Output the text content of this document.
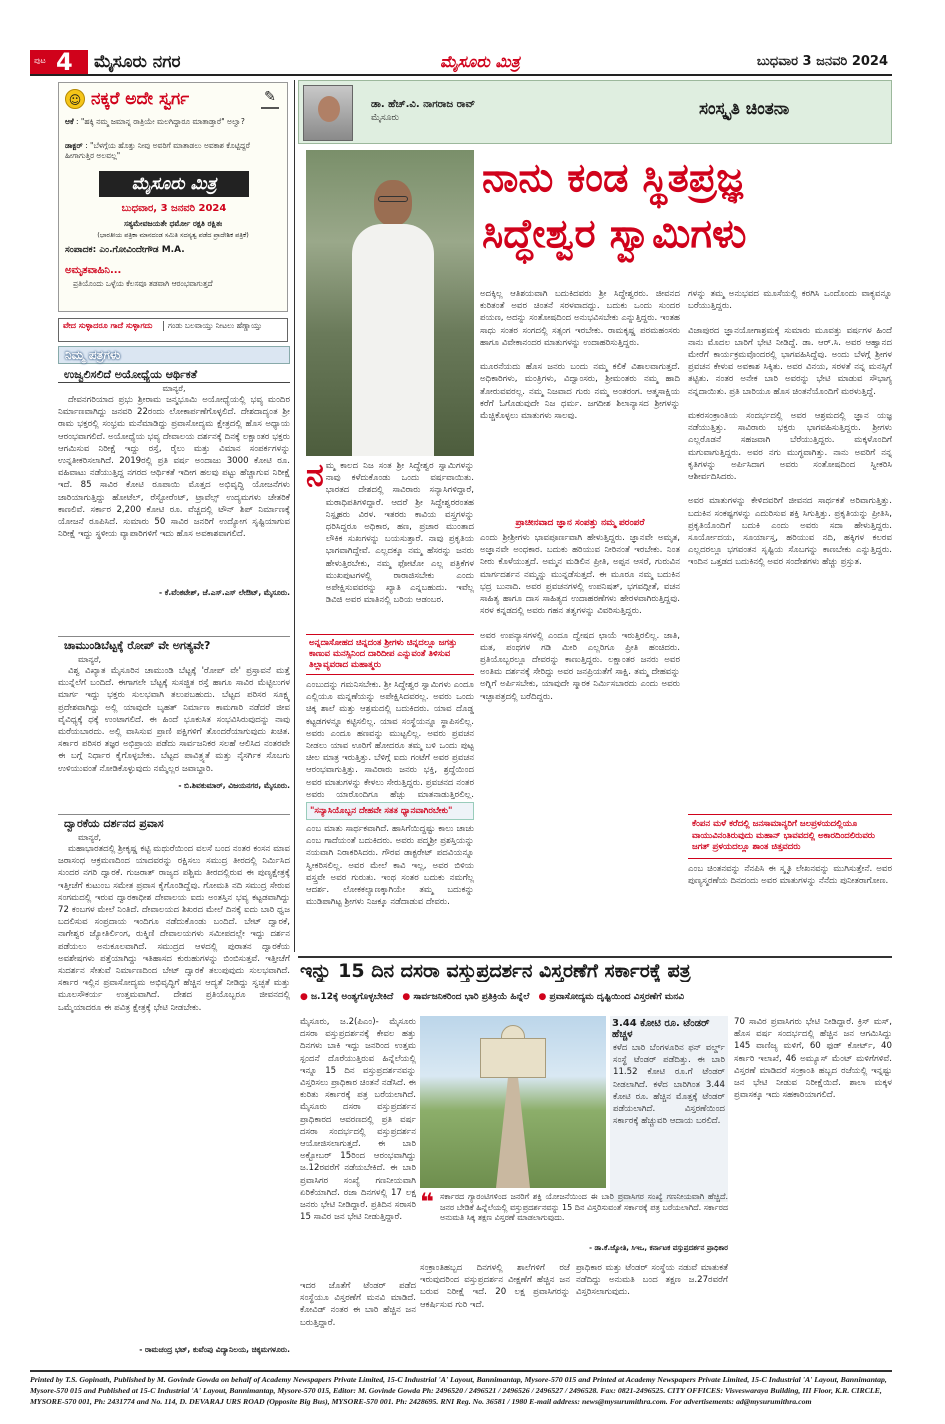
ಪುಟ 4 ಮೈಸೂರು ನಗರ	ಮೈಸೂರು ಮಿತ್ರ	ಬುಧವಾರ 3 ಜನವರಿ 2024
☺ ನಕ್ಕರೆ ಅದೇ ಸ್ವರ್ಗ	✎
ಆಕೆ : "ಹಕ್ಕಿ ನಮ್ಮ ಜಮಾನ್ನ ರಾತ್ರಿಯೇ ಮಲಗಿದ್ದಾರೂ ಮಾತಾಡ್ತಾರೆ" ಅಲ್ವಾ?
ಡಾಕ್ಟರ್ : "ಬೆಳಗ್ಗೆಯ ಹೊತ್ತು ನೀವು ಅವರಿಗೆ ಮಾತಾಡಲು ಅವಕಾಶ ಕೊಟ್ಟಿದ್ದರೆ ಹೀಗಾಗುತ್ತಿರ ಅಲವಲ್ಲ"
ಮೈಸೂರು ಮಿತ್ರ
ಬುಧವಾರ, 3 ಜನವರಿ 2024
ಸತ್ಯಮೇವಜಯತೇ ಧರ್ಮೋ ರಕ್ಷತಿ ರಕ್ಷಿತಃ
(ಭಾರತೀಯ ಪತ್ರಿಕಾ ಮಾನದಂಡ ಸಮಿತಿ ಸದಸ್ಯತ್ವ ಪಡೆದ ಪ್ರಾದೇಶಿಕ ಪತ್ರಿಕೆ)
ಸಂಪಾದಕ: ಎಂ.ಗೋವಿಂದೇಗೌಡ M.A.
ಅಮೃತವಾಹಿನಿ...
ಪ್ರತಿಯೊಂದು ಒಳ್ಳೆಯ ಕೆಲಸವೂ ತಡವಾಗಿ ಆರಂಭವಾಗುತ್ತದೆ
ವೇದ ಸುಳ್ಳಾದರೂ ಗಾದೆ ಸುಳ್ಳಾಗದು	ಗಂಡು ಬಲವಾಯ್ತು ನೀಟಲು ಹೆಣ್ಣಾಯ್ತು
ನಿಮ್ಮ ಪತ್ರಗಳು
ಉಜ್ವಲಿಸಲಿದೆ ಅಯೋಧ್ಯೆಯ ಆರ್ಥಿಕತೆ
ಮಾನ್ಯರೆ,
ದೇವನಗರಿಯಾದ ಪ್ರಭು ಶ್ರೀರಾಮ ಜನ್ಮಭೂಮಿ ಅಯೋಧ್ಯೆಯಲ್ಲಿ ಭವ್ಯ ಮಂದಿರ ನಿರ್ಮಾಣವಾಗಿದ್ದು ಜನವರಿ 22ರಂದು ಲೋಕಾರ್ಪಣೆಗೊಳ್ಳಲಿದೆ. ದೇಶದಾದ್ಯಂತ ಶ್ರೀ ರಾಮ ಭಕ್ತರಲ್ಲಿ ಸಂಭ್ರಮ ಮನೆಮಾಡಿದ್ದು ಪ್ರವಾಸೋದ್ಯಮ ಕ್ಷೇತ್ರದಲ್ಲಿ ಹೊಸ ಅಧ್ಯಾಯ ಆರಂಭವಾಗಲಿದೆ. ಅಯೋಧ್ಯೆಯ ಭವ್ಯ ದೇವಾಲಯ ದರ್ಶನಕ್ಕೆ ದಿನಕ್ಕೆ ಲಕ್ಷಾಂತರ ಭಕ್ತರು ಆಗಮಿಸುವ ನಿರೀಕ್ಷೆ ಇದ್ದು ರಸ್ತೆ, ರೈಲು ಮತ್ತು ವಿಮಾನ ಸಂಪರ್ಕಗಳನ್ನು ಉನ್ನತೀಕರಿಸಲಾಗಿದೆ. 2019ರಲ್ಲಿ ಪ್ರತಿ ವರ್ಷ ಅಂದಾಜು 3000 ಕೋಟಿ ರೂ. ವಹಿವಾಟು ನಡೆಯುತ್ತಿದ್ದ ನಗರದ ಆರ್ಥಿಕತೆ ಇದೀಗ ಹಲವು ಪಟ್ಟು ಹೆಚ್ಚಾಗುವ ನಿರೀಕ್ಷೆ ಇದೆ. 85 ಸಾವಿರ ಕೋಟಿ ರೂಪಾಯಿ ಮೊತ್ತದ ಅಭಿವೃದ್ಧಿ ಯೋಜನೆಗಳು ಜಾರಿಯಾಗುತ್ತಿದ್ದು ಹೋಟೆಲ್, ರೆಸ್ಟೋರೆಂಟ್, ಟ್ರಾವೆಲ್ಸ್ ಉದ್ಯಮಗಳು ಚೇತರಿಕೆ ಕಾಣಲಿವೆ. ಸರ್ಕಾರ 2,200 ಕೋಟಿ ರೂ. ವೆಚ್ಚದಲ್ಲಿ ಟೌನ್ ಶಿಪ್ ನಿರ್ಮಾಣಕ್ಕೆ ಯೋಜನೆ ರೂಪಿಸಿದೆ. ಸುಮಾರು 50 ಸಾವಿರ ಜನರಿಗೆ ಉದ್ಯೋಗ ಸೃಷ್ಟಿಯಾಗುವ ನಿರೀಕ್ಷೆ ಇದ್ದು ಸ್ಥಳೀಯ ವ್ಯಾಪಾರಿಗಳಿಗೆ ಇದು ಹೊಸ ಅವಕಾಶವಾಗಲಿದೆ.
- ಕೆ.ವೆಂಕಟೇಶ್, ಜೆ.ಎಸ್.ಎಸ್ ಲೇಔಟ್, ಮೈಸೂರು.
ಚಾಮುಂಡಿಬೆಟ್ಟಕ್ಕೆ ರೋಪ್ ವೇ ಅಗತ್ಯವೇ?
ಮಾನ್ಯರೆ,
ವಿಶ್ವ ವಿಖ್ಯಾತ ಮೈಸೂರಿನ ಚಾಮುಂಡಿ ಬೆಟ್ಟಕ್ಕೆ 'ರೋಪ್ ವೇ' ಪ್ರಸ್ತಾವನೆ ಮತ್ತೆ ಮುನ್ನೆಲೆಗೆ ಬಂದಿದೆ. ಈಗಾಗಲೇ ಬೆಟ್ಟಕ್ಕೆ ಸುಸಜ್ಜಿತ ರಸ್ತೆ ಹಾಗೂ ಸಾವಿರ ಮೆಟ್ಟಿಲುಗಳ ಮಾರ್ಗ ಇದ್ದು ಭಕ್ತರು ಸುಲಭವಾಗಿ ತಲುಪಬಹುದು. ಬೆಟ್ಟದ ಪರಿಸರ ಸೂಕ್ಷ್ಮ ಪ್ರದೇಶವಾಗಿದ್ದು ಅಲ್ಲಿ ಯಾವುದೇ ಬೃಹತ್ ನಿರ್ಮಾಣ ಕಾಮಗಾರಿ ನಡೆದರೆ ಜೀವ ವೈವಿಧ್ಯಕ್ಕೆ ಧಕ್ಕೆ ಉಂಟಾಗಲಿದೆ. ಈ ಹಿಂದೆ ಭೂಕುಸಿತ ಸಂಭವಿಸಿರುವುದನ್ನು ನಾವು ಮರೆಯಬಾರದು. ಅಲ್ಲಿ ವಾಸಿಸುವ ಪ್ರಾಣಿ ಪಕ್ಷಿಗಳಿಗೆ ತೊಂದರೆಯಾಗುವುದು ಖಚಿತ. ಸರ್ಕಾರ ಪರಿಸರ ತಜ್ಞರ ಅಭಿಪ್ರಾಯ ಪಡೆದು ಸಾರ್ವಜನಿಕರ ಸಲಹೆ ಆಲಿಸಿದ ನಂತರವೇ ಈ ಬಗ್ಗೆ ನಿರ್ಧಾರ ಕೈಗೊಳ್ಳಬೇಕು. ಬೆಟ್ಟದ ಪಾವಿತ್ರ್ಯತೆ ಮತ್ತು ನೈಸರ್ಗಿಕ ಸೊಬಗು ಉಳಿಯುವಂತೆ ನೋಡಿಕೊಳ್ಳುವುದು ನಮ್ಮೆಲ್ಲರ ಜವಾಬ್ದಾರಿ.
- ಬಿ.ಶಿವಕುಮಾರ್, ವಿಜಯನಗರ, ಮೈಸೂರು.
ದ್ವಾರಕೆಯ ದರ್ಶನದ ಪ್ರವಾಸ
ಮಾನ್ಯರೆ,
ಮಹಾಭಾರತದಲ್ಲಿ ಶ್ರೀಕೃಷ್ಣ ಕಟ್ಟಿ ಮಥುರೆಯಿಂದ ವಲಸೆ ಬಂದ ನಂತರ ಕಂಸನ ಮಾವ ಜರಾಸಂಧ ಆಕ್ರಮಣದಿಂದ ಯಾದವರನ್ನು ರಕ್ಷಿಸಲು ಸಮುದ್ರ ತೀರದಲ್ಲಿ ನಿರ್ಮಿಸಿದ ಸುಂದರ ನಗರಿ ದ್ವಾರಕೆ. ಗುಜರಾತ್ ರಾಜ್ಯದ ಪಶ್ಚಿಮ ತೀರದಲ್ಲಿರುವ ಈ ಪುಣ್ಯಕ್ಷೇತ್ರಕ್ಕೆ ಇತ್ತೀಚೆಗೆ ಕುಟುಂಬ ಸಮೇತ ಪ್ರವಾಸ ಕೈಗೊಂಡಿದ್ದೆವು. ಗೋಮತಿ ನದಿ ಸಮುದ್ರ ಸೇರುವ ಸಂಗಮದಲ್ಲಿ ಇರುವ ದ್ವಾರಕಾಧೀಶ ದೇವಾಲಯ ಐದು ಅಂತಸ್ತಿನ ಭವ್ಯ ಕಟ್ಟಡವಾಗಿದ್ದು 72 ಕಂಬಗಳ ಮೇಲೆ ನಿಂತಿದೆ. ದೇವಾಲಯದ ಶಿಖರದ ಮೇಲೆ ದಿನಕ್ಕೆ ಐದು ಬಾರಿ ಧ್ವಜ ಬದಲಿಸುವ ಸಂಪ್ರದಾಯ ಇಂದಿಗೂ ನಡೆದುಕೊಂಡು ಬಂದಿದೆ. ಬೇಟ್ ದ್ವಾರಕೆ, ನಾಗೇಶ್ವರ ಜ್ಯೋತಿರ್ಲಿಂಗ, ರುಕ್ಮಿಣಿ ದೇವಾಲಯಗಳು ಸಮೀಪದಲ್ಲೇ ಇದ್ದು ದರ್ಶನ ಪಡೆಯಲು ಅನುಕೂಲವಾಗಿದೆ. ಸಮುದ್ರದ ಆಳದಲ್ಲಿ ಪುರಾತನ ದ್ವಾರಕೆಯ ಅವಶೇಷಗಳು ಪತ್ತೆಯಾಗಿದ್ದು ಇತಿಹಾಸದ ಕುರುಹುಗಳನ್ನು ಬಿಂಬಿಸುತ್ತವೆ. ಇತ್ತೀಚೆಗೆ ಸುದರ್ಶನ ಸೇತುವೆ ನಿರ್ಮಾಣದಿಂದ ಬೇಟ್ ದ್ವಾರಕೆ ತಲುಪುವುದು ಸುಲಭವಾಗಿದೆ. ಸರ್ಕಾರ ಇಲ್ಲಿನ ಪ್ರವಾಸೋದ್ಯಮ ಅಭಿವೃದ್ಧಿಗೆ ಹೆಚ್ಚಿನ ಆದ್ಯತೆ ನೀಡಿದ್ದು ಸ್ವಚ್ಛತೆ ಮತ್ತು ಮೂಲಸೌಕರ್ಯ ಉತ್ತಮವಾಗಿದೆ. ದೇಶದ ಪ್ರತಿಯೊಬ್ಬರೂ ಜೀವನದಲ್ಲಿ ಒಮ್ಮೆಯಾದರೂ ಈ ಪವಿತ್ರ ಕ್ಷೇತ್ರಕ್ಕೆ ಭೇಟಿ ನೀಡಬೇಕು.
- ರಾಮಚಂದ್ರ ಭಟ್, ಕುವೆಂಪು ವಿದ್ಯಾನಿಲಯ, ಚಿಕ್ಕಮಗಳೂರು.
ಡಾ. ಹೆಚ್.ವಿ. ನಾಗರಾಜ ರಾವ್
ಮೈಸೂರು	ಸಂಸ್ಕೃತಿ ಚಿಂತನಾ
ನಾನು ಕಂಡ ಸ್ಥಿತಪ್ರಜ್ಞ
ಸಿದ್ಧೇಶ್ವರ ಸ್ವಾಮಿಗಳು
ನ ಮ್ಮ ಕಾಲದ ನಿಜ ಸಂತ ಶ್ರೀ ಸಿದ್ಧೇಶ್ವರ ಸ್ವಾಮಿಗಳನ್ನು ನಾವು ಕಳೆದುಕೊಂಡು ಒಂದು ವರ್ಷವಾಯಿತು. ಭಾರತದ ದೇಶದಲ್ಲಿ ಸಾವಿರಾರು ಸನ್ಯಾಸಿಗಳಿದ್ದಾರೆ, ಮಠಾಧಿಪತಿಗಳಿದ್ದಾರೆ. ಆದರೆ ಶ್ರೀ ಸಿದ್ಧೇಶ್ವರರಂತಹ ನಿಸ್ಪೃಹರು ವಿರಳ. ಇತರರು ಕಾವಿಯ ವಸ್ತ್ರಗಳನ್ನು ಧರಿಸಿದ್ದರೂ ಅಧಿಕಾರ, ಹಣ, ಪ್ರಚಾರ ಮುಂತಾದ ಲೌಕಿಕ ಸುಖಗಳನ್ನು ಬಯಸುತ್ತಾರೆ. ನಾವು ಪ್ರಕೃತಿಯ ಭಾಗವಾಗಿದ್ದೇವೆ. ಎಲ್ಲದಕ್ಕೂ ನಮ್ಮ ಹೆಸರನ್ನು ಜನರು ಹೇಳುತ್ತಿರಬೇಕು, ನಮ್ಮ ಫೋಟೋ ಎಲ್ಲ ಪತ್ರಿಕೆಗಳ ಮುಖಪುಟಗಳಲ್ಲಿ ರಾರಾಜಿಸಬೇಕು ಎಂದು ಅಪೇಕ್ಷಿಸುವವರನ್ನು ಖ್ಯಾತಿ ಎನ್ನಬಹುದು. ಇವೆಲ್ಲ ಡಿವಿಜಿ ಅವರ ಮಾತಿನಲ್ಲಿ ಬರಿಯ ಆಡಂಬರ.
ಅನ್ನದಾಸೋಹದ ಚಿನ್ನದಂತ ಶ್ರೀಗಳು ಚಿನ್ನದಲ್ಲೂ ಜಗತ್ತು ಕಾಣುವ ಮನಸ್ಸಿನಿಂದ ದಾರಿದೀಪ ಎನ್ನುವಂತೆ ತಿಳಿಸುವ ತಿಲ್ಲಾವ್ಯವರಾದ ಮಹಾತ್ಮರು
ಎಂಬುದನ್ನು ಗಮನಿಸಬೇಕು. ಶ್ರೀ ಸಿದ್ಧೇಶ್ವರ ಸ್ವಾಮಿಗಳು ಎಂದೂ ಎಲ್ಲಿಯೂ ಮನ್ನಣೆಯನ್ನು ಅಪೇಕ್ಷಿಸಿದವರಲ್ಲ. ಅವರು ಒಂದು ಚಿಕ್ಕ ಶಾಲೆ ಮತ್ತು ಆಶ್ರಮದಲ್ಲಿ ಬದುಕಿದರು. ಯಾವ ದೊಡ್ಡ ಕಟ್ಟಡಗಳನ್ನೂ ಕಟ್ಟಿಸಲಿಲ್ಲ. ಯಾವ ಸಂಸ್ಥೆಯನ್ನೂ ಸ್ಥಾಪಿಸಲಿಲ್ಲ. ಅವರು ಎಂದೂ ಹಣವನ್ನು ಮುಟ್ಟಲಿಲ್ಲ. ಅವರು ಪ್ರವಚನ ನೀಡಲು ಯಾವ ಊರಿಗೆ ಹೋದರೂ ತಮ್ಮ ಬಳಿ ಒಂದು ಪುಟ್ಟ ಚೀಲ ಮಾತ್ರ ಇರುತ್ತಿತ್ತು. ಬೆಳಿಗ್ಗೆ ಐದು ಗಂಟೆಗೆ ಅವರ ಪ್ರವಚನ ಆರಂಭವಾಗುತ್ತಿತ್ತು. ಸಾವಿರಾರು ಜನರು ಭಕ್ತಿ, ಶ್ರದ್ಧೆಯಿಂದ ಅವರ ಮಾತುಗಳನ್ನು ಕೇಳಲು ಸೇರುತ್ತಿದ್ದರು. ಪ್ರವಚನದ ನಂತರ ಅವರು ಯಾರೊಂದಿಗೂ ಹೆಚ್ಚು ಮಾತನಾಡುತ್ತಿರಲಿಲ್ಲ.
"ಸನ್ಯಾಸಿಯೊಬ್ಬನ ದೇಹವೇ ಸತತ ಧ್ಯಾನವಾಗಿರಬೇಕು"
ಎಂಬ ಮಾತು ಸಾರ್ಥಕವಾಗಿದೆ. ಹಾಸಿಗೆಯಿದ್ದಷ್ಟು ಕಾಲು ಚಾಚು ಎಂಬ ಗಾದೆಯಂತೆ ಬದುಕಿದರು. ಅವರು ಪದ್ಮಶ್ರೀ ಪ್ರಶಸ್ತಿಯನ್ನು ನಯವಾಗಿ ನಿರಾಕರಿಸಿದರು. ಗೌರವ ಡಾಕ್ಟರೇಟ್ ಪದವಿಯನ್ನೂ ಸ್ವೀಕರಿಸಲಿಲ್ಲ. ಅವರ ಮೇಲೆ ಕಾವಿ ಇಲ್ಲ, ಅವರ ಬಿಳಿಯ ವಸ್ತ್ರವೇ ಅವರ ಗುರುತು. ಇಂಥ ಸಂತರ ಬದುಕು ನಮಗೆಲ್ಲ ಆದರ್ಶ. ಲೋಕಕಲ್ಯಾಣಕ್ಕಾಗಿಯೇ ತಮ್ಮ ಬದುಕನ್ನು ಮುಡಿಪಾಗಿಟ್ಟ ಶ್ರೀಗಳು ನಿಜಕ್ಕೂ ನಡೆದಾಡುವ ದೇವರು.
ಅದಕ್ಕಿಲ್ಲ ಆತಿಶಯವಾಗಿ ಬದುಕಿದವರು ಶ್ರೀ ಸಿದ್ಧೇಶ್ವರರು. ಜೀವನದ ಕುರಿತಂತೆ ಅವರ ಚಿಂತನೆ ಸರಳವಾದದ್ದು. ಬದುಕು ಒಂದು ಸುಂದರ ಪಯಣ, ಅದನ್ನು ಸಂತೋಷದಿಂದ ಅನುಭವಿಸಬೇಕು ಎನ್ನುತ್ತಿದ್ದರು. ಇಂತಹ ಸಾಧು ಸಂತರ ಸಂಗದಲ್ಲಿ ಸತ್ಸಂಗ ಇರಬೇಕು. ರಾಮಕೃಷ್ಣ ಪರಮಹಂಸರು ಹಾಗೂ ವಿವೇಕಾನಂದರ ಮಾತುಗಳನ್ನು ಉದಾಹರಿಸುತ್ತಿದ್ದರು.

ಮೂರನೆಯದು ಹೊಸ ಜನರು ಬಂದು ನಮ್ಮ ಕಲಿಕೆ ವಿಶಾಲವಾಗುತ್ತದೆ. ಅಧಿಕಾರಿಗಳು, ಮಂತ್ರಿಗಳು, ವಿದ್ವಾಂಸರು, ಶ್ರೀಮಂತರು ನಮ್ಮ ಹಾದಿ ತೋರುವವರಲ್ಲ. ನಮ್ಮ ನಿಜವಾದ ಗುರು ನಮ್ಮ ಅಂತರಂಗ. ಆತ್ಮಸಾಕ್ಷಿಯ ಕರೆಗೆ ಓಗೊಡುವುದೇ ನಿಜ ಧರ್ಮ. ಜಗದೀಶ ಶಿಲಾನ್ಯಾಸದ ಶ್ರೀಗಳನ್ನು ಮೆಚ್ಚಿಕೊಳ್ಳಲು ಮಾತುಗಳು ಸಾಲವು.
ಪ್ರಾಚೀನವಾದ ಜ್ಞಾನ ಸಂಪತ್ತು ನಮ್ಮ ಪರಂಪರೆ
ಎಂದು ಶ್ರೀಶ್ರೀಗಳು ಭಾವಪೂರ್ಣವಾಗಿ ಹೇಳುತ್ತಿದ್ದರು. ಜ್ಞಾನವೇ ಅಮೃತ, ಅಜ್ಞಾನವೇ ಅಂಧಕಾರ. ಬದುಕು ಹರಿಯುವ ನೀರಿನಂತೆ ಇರಬೇಕು. ನಿಂತ ನೀರು ಕೊಳೆಯುತ್ತದೆ. ಅಮ್ಮನ ಮಡಿಲಿನ ಪ್ರೀತಿ, ಅಪ್ಪನ ಆಸರೆ, ಗುರುವಿನ ಮಾರ್ಗದರ್ಶನ ನಮ್ಮನ್ನು ಮುನ್ನಡೆಸುತ್ತದೆ. ಈ ಮೂರೂ ನಮ್ಮ ಬದುಕಿನ ಭದ್ರ ಬುನಾದಿ. ಅವರ ಪ್ರವಚನಗಳಲ್ಲಿ ಉಪನಿಷತ್, ಭಗವದ್ಗೀತೆ, ವಚನ ಸಾಹಿತ್ಯ ಹಾಗೂ ದಾಸ ಸಾಹಿತ್ಯದ ಉದಾಹರಣೆಗಳು ಹೇರಳವಾಗಿರುತ್ತಿದ್ದವು. ಸರಳ ಕನ್ನಡದಲ್ಲಿ ಅವರು ಗಹನ ತತ್ವಗಳನ್ನು ವಿವರಿಸುತ್ತಿದ್ದರು.

ಅವರ ಉಪನ್ಯಾಸಗಳಲ್ಲಿ ಎಂದೂ ದ್ವೇಷದ ಛಾಯೆ ಇರುತ್ತಿರಲಿಲ್ಲ. ಜಾತಿ, ಮತ, ಪಂಥಗಳ ಗಡಿ ಮೀರಿ ಎಲ್ಲರಿಗೂ ಪ್ರೀತಿ ಹಂಚಿದರು. ಪ್ರತಿಯೊಬ್ಬರಲ್ಲೂ ದೇವರನ್ನು ಕಾಣುತ್ತಿದ್ದರು. ಲಕ್ಷಾಂತರ ಜನರು ಅವರ ಅಂತಿಮ ದರ್ಶನಕ್ಕೆ ಸೇರಿದ್ದು ಅವರ ಜನಪ್ರಿಯತೆಗೆ ಸಾಕ್ಷಿ. ತಮ್ಮ ದೇಹವನ್ನು ಅಗ್ನಿಗೆ ಅರ್ಪಿಸಬೇಕು, ಯಾವುದೇ ಸ್ಮಾರಕ ನಿರ್ಮಿಸಬಾರದು ಎಂದು ಅವರು ಇಚ್ಛಾಪತ್ರದಲ್ಲಿ ಬರೆದಿದ್ದರು.
ಗಳನ್ನು ತಮ್ಮ ಅನುಭವದ ಮೂಸೆಯಲ್ಲಿ ಕರಗಿಸಿ ಒಂದೊಂದು ವಾಕ್ಯವನ್ನೂ ಬರೆಯುತ್ತಿದ್ದರು.

ವಿಜಾಪುರದ ಜ್ಞಾನಯೋಗಾಶ್ರಮಕ್ಕೆ ಸುಮಾರು ಮೂವತ್ತು ವರ್ಷಗಳ ಹಿಂದೆ ನಾನು ಮೊದಲ ಬಾರಿಗೆ ಭೇಟಿ ನೀಡಿದ್ದೆ. ಡಾ. ಆರ್.ಸಿ. ಅವರ ಆಹ್ವಾನದ ಮೇರೆಗೆ ಕಾರ್ಯಕ್ರಮವೊಂದರಲ್ಲಿ ಭಾಗವಹಿಸಿದ್ದೆವು. ಅಂದು ಬೆಳಗ್ಗೆ ಶ್ರೀಗಳ ಪ್ರವಚನ ಕೇಳುವ ಅವಕಾಶ ಸಿಕ್ಕಿತು. ಅವರ ವಿನಯ, ಸರಳತೆ ನನ್ನ ಮನಸ್ಸಿಗೆ ತಟ್ಟಿತು. ನಂತರ ಅನೇಕ ಬಾರಿ ಅವರನ್ನು ಭೇಟಿ ಮಾಡುವ ಸೌಭಾಗ್ಯ ನನ್ನದಾಯಿತು. ಪ್ರತಿ ಬಾರಿಯೂ ಹೊಸ ಚಿಂತನೆಯೊಂದಿಗೆ ಮರಳುತ್ತಿದ್ದೆ.

ಮಕರಸಂಕ್ರಾಂತಿಯ ಸಂದರ್ಭದಲ್ಲಿ ಅವರ ಆಶ್ರಮದಲ್ಲಿ ಜ್ಞಾನ ಯಜ್ಞ ನಡೆಯುತ್ತಿತ್ತು. ಸಾವಿರಾರು ಭಕ್ತರು ಭಾಗವಹಿಸುತ್ತಿದ್ದರು. ಶ್ರೀಗಳು ಎಲ್ಲರೊಡನೆ ಸಹಜವಾಗಿ ಬೆರೆಯುತ್ತಿದ್ದರು. ಮಕ್ಕಳೊಂದಿಗೆ ಮಗುವಾಗುತ್ತಿದ್ದರು. ಅವರ ನಗು ಮುಗ್ಧವಾಗಿತ್ತು. ನಾನು ಅವರಿಗೆ ನನ್ನ ಕೃತಿಗಳನ್ನು ಅರ್ಪಿಸಿದಾಗ ಅವರು ಸಂತೋಷದಿಂದ ಸ್ವೀಕರಿಸಿ ಆಶೀರ್ವದಿಸಿದರು.

ಅವರ ಮಾತುಗಳನ್ನು ಕೇಳಿದವರಿಗೆ ಜೀವನದ ಸಾರ್ಥಕತೆ ಅರಿವಾಗುತ್ತಿತ್ತು. ಬದುಕಿನ ಸಂಕಷ್ಟಗಳನ್ನು ಎದುರಿಸುವ ಶಕ್ತಿ ಸಿಗುತ್ತಿತ್ತು. ಪ್ರಕೃತಿಯನ್ನು ಪ್ರೀತಿಸಿ, ಪ್ರಕೃತಿಯೊಂದಿಗೆ ಬದುಕಿ ಎಂದು ಅವರು ಸದಾ ಹೇಳುತ್ತಿದ್ದರು. ಸೂರ್ಯೋದಯ, ಸೂರ್ಯಾಸ್ತ, ಹರಿಯುವ ನದಿ, ಹಕ್ಕಿಗಳ ಕಲರವ ಎಲ್ಲದರಲ್ಲೂ ಭಗವಂತನ ಸೃಷ್ಟಿಯ ಸೊಬಗನ್ನು ಕಾಣಬೇಕು ಎನ್ನುತ್ತಿದ್ದರು. ಇಂದಿನ ಒತ್ತಡದ ಬದುಕಿನಲ್ಲಿ ಅವರ ಸಂದೇಶಗಳು ಹೆಚ್ಚು ಪ್ರಸ್ತುತ.
ಕೆಂಪನ ಮಳೆ ಕರೆದಲ್ಲಿ ಜನಸಾಮಾನ್ಯರಿಗೆ ಜಲಪ್ರಳಯದಲ್ಲಿಯೂ ವಾಯುವಿನಂತಿರುವುದು ಮಹಾನ್ ಭಾವವದಲ್ಲಿ ಅಕಾರದಿಂದಲಿರುವರು ಜಗತ್ ಪ್ರಳಯದಲ್ಲೂ ಶಾಂತ ಚಿತ್ತವದರು
ಎಂಬ ಚಿಂತನವನ್ನು ನೆನಪಿಸಿ ಈ ಸ್ಮೃತಿ ಲೇಖನವನ್ನು ಮುಗಿಸುತ್ತೇನೆ. ಅವರ ಪುಣ್ಯಸ್ಮರಣೆಯ ದಿನದಂದು ಅವರ ಮಾತುಗಳನ್ನು ನೆನೆದು ಪುನೀತರಾಗೋಣ.
ಇನ್ನು 15 ದಿನ ದಸರಾ ವಸ್ತುಪ್ರದರ್ಶನ ವಿಸ್ತರಣೆಗೆ ಸರ್ಕಾರಕ್ಕೆ ಪತ್ರ
● ಜ.12ಕ್ಕೆ ಅಂತ್ಯಗೊಳ್ಳಬೇಕಿದೆ ● ಸಾರ್ವಜನಿಕರಿಂದ ಭಾರಿ ಪ್ರತಿಕ್ರಿಯೆ ಹಿನ್ನೆಲೆ ● ಪ್ರವಾಸೋದ್ಯಮ ದೃಷ್ಟಿಯಿಂದ ವಿಸ್ತರಣೆಗೆ ಮನವಿ
ಮೈಸೂರು, ಜ.2(ಪಿಎಂ)- ಮೈಸೂರು ದಸರಾ ವಸ್ತುಪ್ರದರ್ಶನಕ್ಕೆ ಕೇವಲ ಹತ್ತು ದಿನಗಳು ಬಾಕಿ ಇದ್ದು ಜನರಿಂದ ಉತ್ತಮ ಸ್ಪಂದನೆ ದೊರೆಯುತ್ತಿರುವ ಹಿನ್ನೆಲೆಯಲ್ಲಿ ಇನ್ನೂ 15 ದಿನ ವಸ್ತುಪ್ರದರ್ಶನವನ್ನು ವಿಸ್ತರಿಸಲು ಪ್ರಾಧಿಕಾರ ಚಿಂತನೆ ನಡೆಸಿದೆ. ಈ ಕುರಿತು ಸರ್ಕಾರಕ್ಕೆ ಪತ್ರ ಬರೆಯಲಾಗಿದೆ. ಮೈಸೂರು ದಸರಾ ವಸ್ತುಪ್ರದರ್ಶನ ಪ್ರಾಧಿಕಾರದ ಆವರಣದಲ್ಲಿ ಪ್ರತಿ ವರ್ಷ ದಸರಾ ಸಂದರ್ಭದಲ್ಲಿ ವಸ್ತುಪ್ರದರ್ಶನ ಆಯೋಜಿಸಲಾಗುತ್ತದೆ. ಈ ಬಾರಿ ಅಕ್ಟೋಬರ್ 15ರಿಂದ ಆರಂಭವಾಗಿದ್ದು ಜ.12ರವರೆಗೆ ನಡೆಯಬೇಕಿದೆ. ಈ ಬಾರಿ ಪ್ರವಾಸಿಗರ ಸಂಖ್ಯೆ ಗಣನೀಯವಾಗಿ ಏರಿಕೆಯಾಗಿದೆ. ರಜಾ ದಿನಗಳಲ್ಲಿ 17 ಲಕ್ಷ ಜನರು ಭೇಟಿ ನೀಡಿದ್ದಾರೆ. ಪ್ರತಿದಿನ ಸರಾಸರಿ 15 ಸಾವಿರ ಜನ ಭೇಟಿ ನೀಡುತ್ತಿದ್ದಾರೆ.
3.44 ಕೋಟಿ ರೂ. ಟೆಂಡರ್ ಹೆಚ್ಚಳ
ಕಳೆದ ಬಾರಿ ಬೆಂಗಳೂರಿನ ಫನ್ ವರ್ಲ್ಡ್ ಸಂಸ್ಥೆ ಟೆಂಡರ್ ಪಡೆದಿತ್ತು. ಈ ಬಾರಿ 11.52 ಕೋಟಿ ರೂ.ಗೆ ಟೆಂಡರ್ ನೀಡಲಾಗಿದೆ. ಕಳೆದ ಬಾರಿಗಿಂತ 3.44 ಕೋಟಿ ರೂ. ಹೆಚ್ಚಿನ ಮೊತ್ತಕ್ಕೆ ಟೆಂಡರ್ ಪಡೆಯಲಾಗಿದೆ. ವಿಸ್ತರಣೆಯಿಂದ ಸರ್ಕಾರಕ್ಕೆ ಹೆಚ್ಚುವರಿ ಆದಾಯ ಬರಲಿದೆ.
70 ಸಾವಿರ ಪ್ರವಾಸಿಗರು ಭೇಟಿ ನೀಡಿದ್ದಾರೆ. ಕ್ರಿಸ್ ಮಸ್, ಹೊಸ ವರ್ಷ ಸಂದರ್ಭದಲ್ಲಿ ಹೆಚ್ಚಿನ ಜನ ಆಗಮಿಸಿದ್ದು 145 ವಾಣಿಜ್ಯ ಮಳಿಗೆ, 60 ಫುಡ್ ಕೋರ್ಟ್, 40 ಸರ್ಕಾರಿ ಇಲಾಖೆ, 46 ಅಮ್ಯೂಸ್ ಮೆಂಟ್ ಮಳಿಗೆಗಳಿವೆ. ವಿಸ್ತರಣೆ ಮಾಡಿದರೆ ಸಂಕ್ರಾಂತಿ ಹಬ್ಬದ ರಜೆಯಲ್ಲಿ ಇನ್ನಷ್ಟು ಜನ ಭೇಟಿ ನೀಡುವ ನಿರೀಕ್ಷೆಯಿದೆ. ಶಾಲಾ ಮಕ್ಕಳ ಪ್ರವಾಸಕ್ಕೂ ಇದು ಸಹಕಾರಿಯಾಗಲಿದೆ.
❝ ಸರ್ಕಾರದ ಗ್ಯಾರಂಟಿಗಳಿಂದ ಜನರಿಗೆ ಶಕ್ತಿ ಯೋಜನೆಯಿಂದ ಈ ಬಾರಿ ಪ್ರವಾಸಿಗರ ಸಂಖ್ಯೆ ಗಣನೀಯವಾಗಿ ಹೆಚ್ಚಿದೆ. ಜನರ ಬೇಡಿಕೆ ಹಿನ್ನೆಲೆಯಲ್ಲಿ ವಸ್ತುಪ್ರದರ್ಶನವನ್ನು 15 ದಿನ ವಿಸ್ತರಿಸುವಂತೆ ಸರ್ಕಾರಕ್ಕೆ ಪತ್ರ ಬರೆಯಲಾಗಿದೆ. ಸರ್ಕಾರದ ಅನುಮತಿ ಸಿಕ್ಕ ತಕ್ಷಣ ವಿಸ್ತರಣೆ ಮಾಡಲಾಗುವುದು.
- ಡಾ.ಕೆ.ಜ್ಯೋತಿ, ಸಿಇಒ, ಕರ್ನಾಟಕ ವಸ್ತುಪ್ರದರ್ಶನ ಪ್ರಾಧಿಕಾರ
ಇದರ ಜೊತೆಗೆ ಟೆಂಡರ್ ಪಡೆದ ಸಂಸ್ಥೆಯೂ ವಿಸ್ತರಣೆಗೆ ಮನವಿ ಮಾಡಿದೆ. ಕೋವಿಡ್ ನಂತರ ಈ ಬಾರಿ ಹೆಚ್ಚಿನ ಜನ ಬರುತ್ತಿದ್ದಾರೆ.
ಸಂಕ್ರಾಂತಿಹಬ್ಬದ ದಿನಗಳಲ್ಲಿ ಶಾಲೆಗಳಿಗೆ ರಜೆ ಇರುವುದರಿಂದ ವಸ್ತುಪ್ರದರ್ಶನ ವೀಕ್ಷಣೆಗೆ ಹೆಚ್ಚಿನ ಜನ ಬರುವ ನಿರೀಕ್ಷೆ ಇದೆ. 20 ಲಕ್ಷ ಪ್ರವಾಸಿಗರನ್ನು ಆಕರ್ಷಿಸುವ ಗುರಿ ಇದೆ.
ಪ್ರಾಧಿಕಾರ ಮತ್ತು ಟೆಂಡರ್ ಸಂಸ್ಥೆಯ ನಡುವೆ ಮಾತುಕತೆ ನಡೆದಿದ್ದು ಅನುಮತಿ ಬಂದ ತಕ್ಷಣ ಜ.27ರವರೆಗೆ ವಿಸ್ತರಿಸಲಾಗುವುದು.
Printed by T.S. Gopinath, Published by M. Govinde Gowda on behalf of Academy Newspapers Private Limited, 15-C Industrial 'A' Layout, Bannimantap, Mysore-570 015 and Printed at Academy Newspapers Private Limited, 15-C Industrial 'A' Layout, Bannimantap, Mysore-570 015 and Published at 15-C Industrial 'A' Layout, Bannimantap, Mysore-570 015, Editor: M. Govinde Gowda Ph: 2496520 / 2496521 / 2496526 / 2496527 / 2496528. Fax: 0821-2496525. CITY OFFICES: Visveswaraya Building, III Floor, K.R. CIRCLE, MYSORE-570 001, Ph: 2431774 and No. 114, D. DEVARAJ URS ROAD (Opposite Big Bus), MYSORE-570 001. Ph: 2428695. RNI Reg. No. 36581 / 1980 E-mail address: news@mysurumithra.com. For advertisements: ad@mysurumithra.com
